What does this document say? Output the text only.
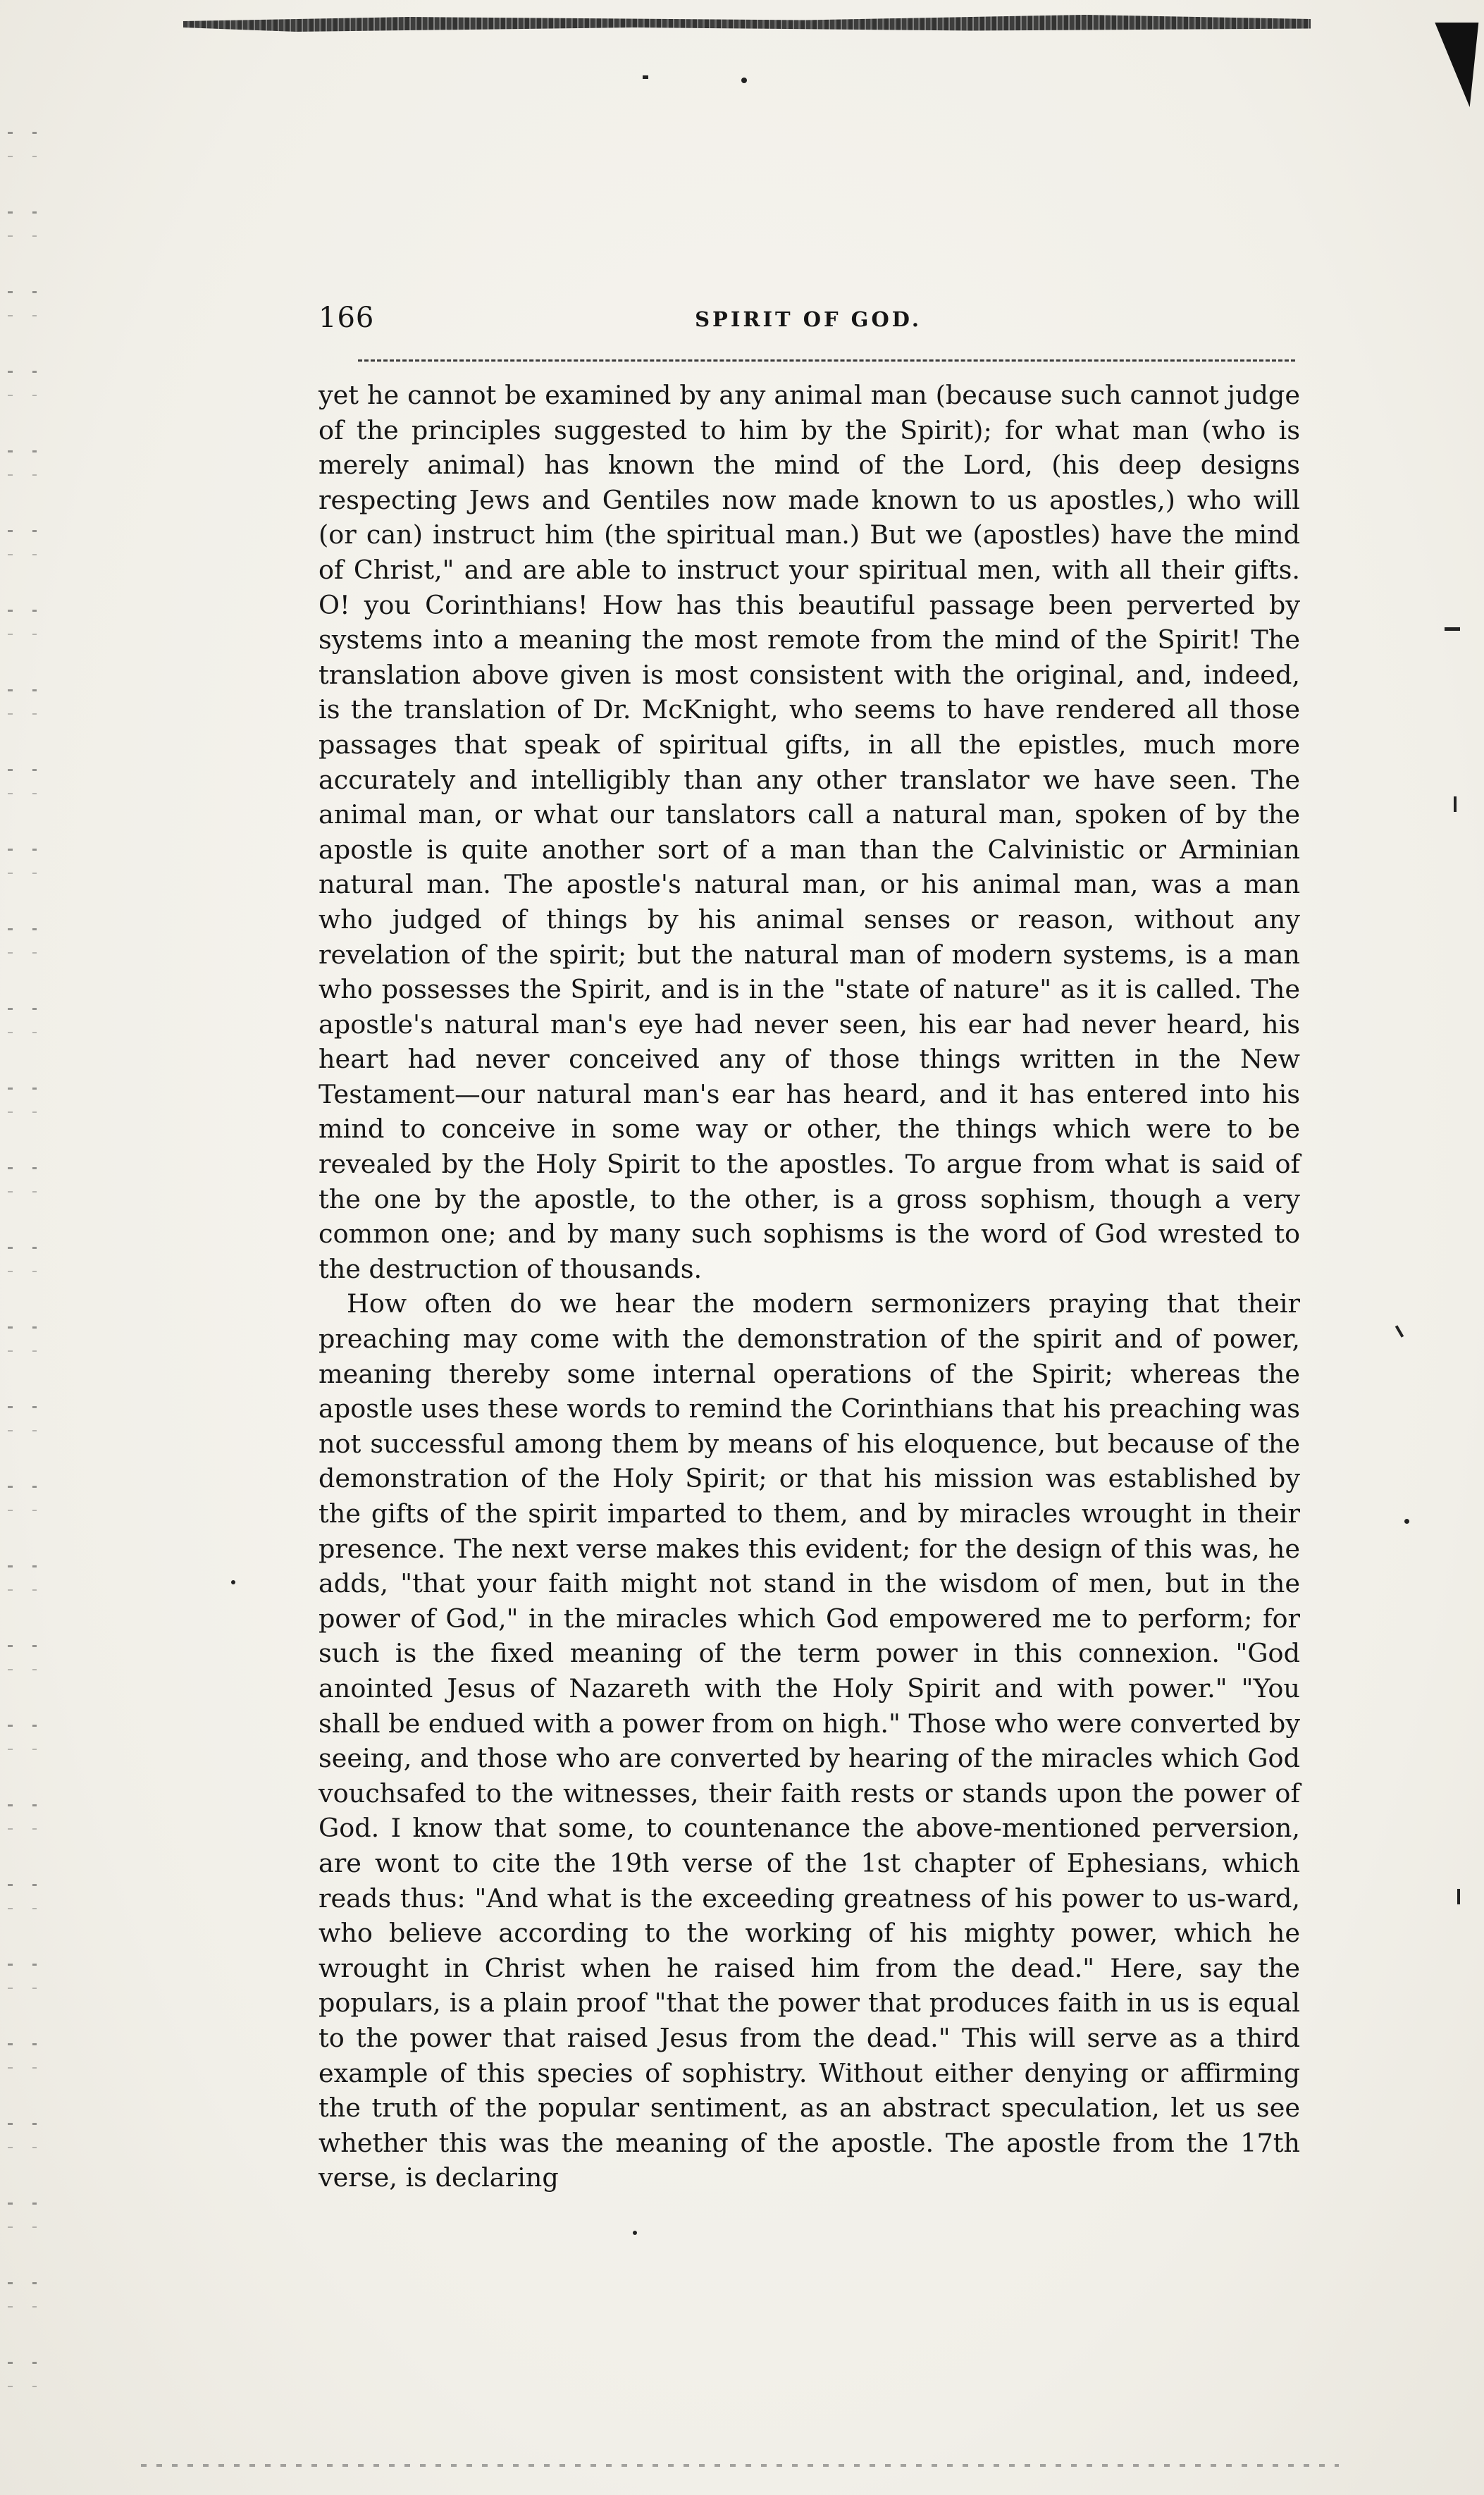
166	SPIRIT OF GOD.

yet he cannot be examined by any animal man (because such cannot judge of the principles suggested to him by the Spirit); for what man (who is merely animal) has known the mind of the Lord, (his deep designs respecting Jews and Gentiles now made known to us apostles,) who will (or can) instruct him (the spiritual man.) But we (apostles) have the mind of Christ," and are able to instruct your spiritual men, with all their gifts. O! you Corinthians! How has this beautiful passage been perverted by systems into a meaning the most remote from the mind of the Spirit! The translation above given is most consistent with the original, and, indeed, is the translation of Dr. McKnight, who seems to have rendered all those passages that speak of spiritual gifts, in all the epistles, much more accurately and intelligibly than any other translator we have seen. The animal man, or what our tanslators call a natural man, spoken of by the apostle is quite another sort of a man than the Calvinistic or Arminian natural man. The apostle's natural man, or his animal man, was a man who judged of things by his animal senses or reason, without any revelation of the spirit; but the natural man of modern systems, is a man who possesses the Spirit, and is in the "state of nature" as it is called. The apostle's natural man's eye had never seen, his ear had never heard, his heart had never conceived any of those things written in the New Testament—our natural man's ear has heard, and it has entered into his mind to conceive in some way or other, the things which were to be revealed by the Holy Spirit to the apostles. To argue from what is said of the one by the apostle, to the other, is a gross sophism, though a very common one; and by many such sophisms is the word of God wrested to the destruction of thousands.

How often do we hear the modern sermonizers praying that their preaching may come with the demonstration of the spirit and of power, meaning thereby some internal operations of the Spirit; whereas the apostle uses these words to remind the Corinthians that his preaching was not successful among them by means of his eloquence, but because of the demonstration of the Holy Spirit; or that his mission was established by the gifts of the spirit imparted to them, and by miracles wrought in their presence. The next verse makes this evident; for the design of this was, he adds, "that your faith might not stand in the wisdom of men, but in the power of God," in the miracles which God empowered me to perform; for such is the fixed meaning of the term power in this connexion. "God anointed Jesus of Nazareth with the Holy Spirit and with power." "You shall be endued with a power from on high." Those who were converted by seeing, and those who are converted by hearing of the miracles which God vouchsafed to the witnesses, their faith rests or stands upon the power of God. I know that some, to countenance the above-mentioned perversion, are wont to cite the 19th verse of the 1st chapter of Ephesians, which reads thus: "And what is the exceeding greatness of his power to us-ward, who believe according to the working of his mighty power, which he wrought in Christ when he raised him from the dead." Here, say the populars, is a plain proof "that the power that produces faith in us is equal to the power that raised Jesus from the dead." This will serve as a third example of this species of sophistry. Without either denying or affirming the truth of the popular sentiment, as an abstract speculation, let us see whether this was the meaning of the apostle. The apostle from the 17th verse, is declaring
